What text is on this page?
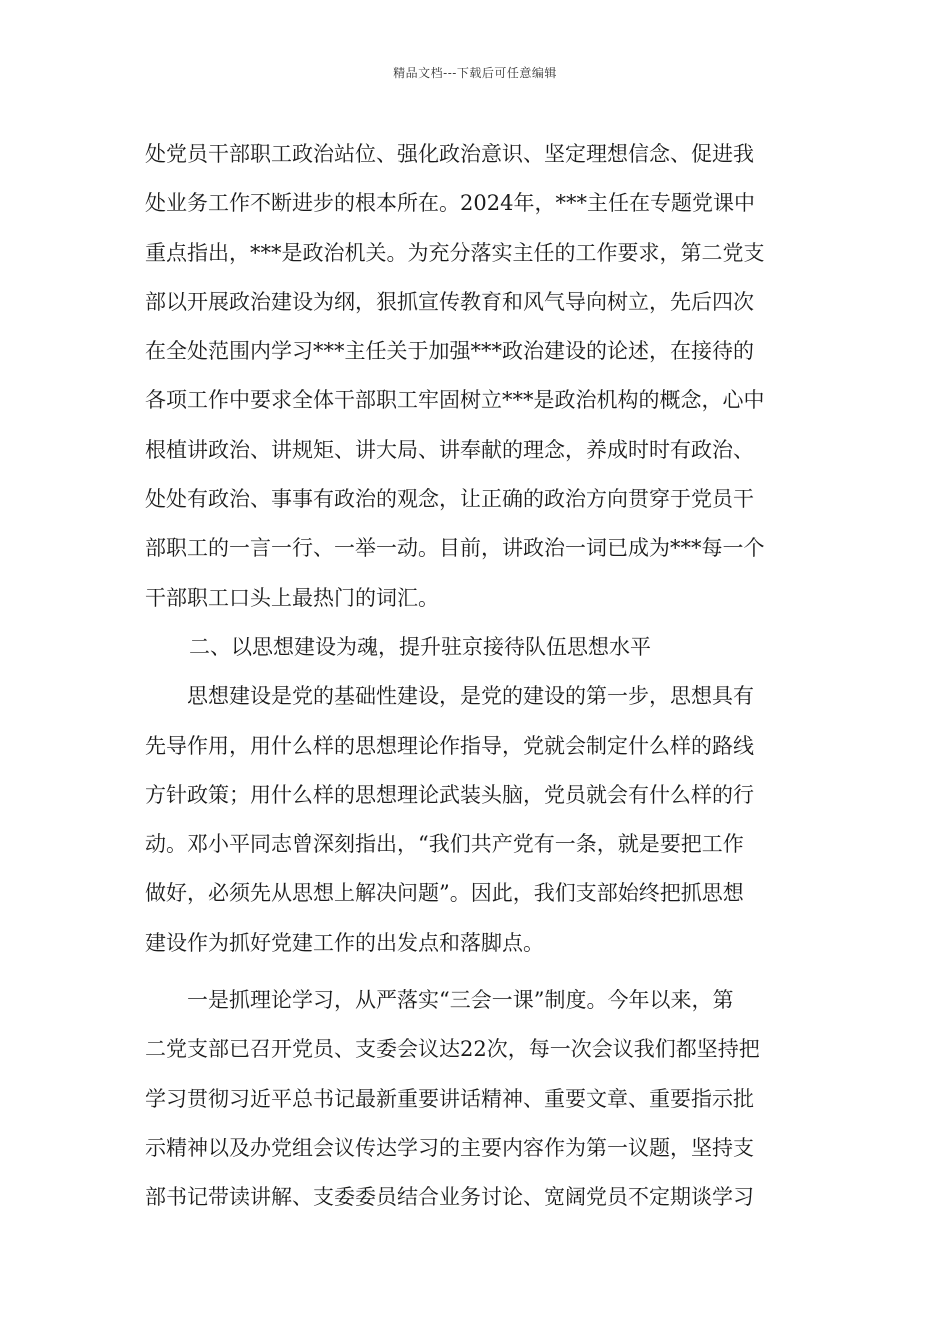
精品文档---下载后可任意编辑
处党员干部职工政治站位、强化政治意识、坚定理想信念、促进我
处业务工作不断进步的根本所在。2024年，***主任在专题党课中
重点指出，***是政治机关。为充分落实主任的工作要求，第二党支
部以开展政治建设为纲，狠抓宣传教育和风气导向树立，先后四次
在全处范围内学习***主任关于加强***政治建设的论述，在接待的
各项工作中要求全体干部职工牢固树立***是政治机构的概念，心中
根植讲政治、讲规矩、讲大局、讲奉献的理念，养成时时有政治、
处处有政治、事事有政治的观念，让正确的政治方向贯穿于党员干
部职工的一言一行、一举一动。目前，讲政治一词已成为***每一个
干部职工口头上最热门的词汇。
二、以思想建设为魂，提升驻京接待队伍思想水平
思想建设是党的基础性建设，是党的建设的第一步，思想具有
先导作用，用什么样的思想理论作指导，党就会制定什么样的路线
方针政策；用什么样的思想理论武装头脑，党员就会有什么样的行
动。邓小平同志曾深刻指出，“我们共产党有一条，就是要把工作
做好，必须先从思想上解决问题”。因此，我们支部始终把抓思想
建设作为抓好党建工作的出发点和落脚点。
一是抓理论学习，从严落实“三会一课”制度。今年以来，第
二党支部已召开党员、支委会议达22次，每一次会议我们都坚持把
学习贯彻习近平总书记最新重要讲话精神、重要文章、重要指示批
示精神以及办党组会议传达学习的主要内容作为第一议题，坚持支
部书记带读讲解、支委委员结合业务讨论、宽阔党员不定期谈学习
